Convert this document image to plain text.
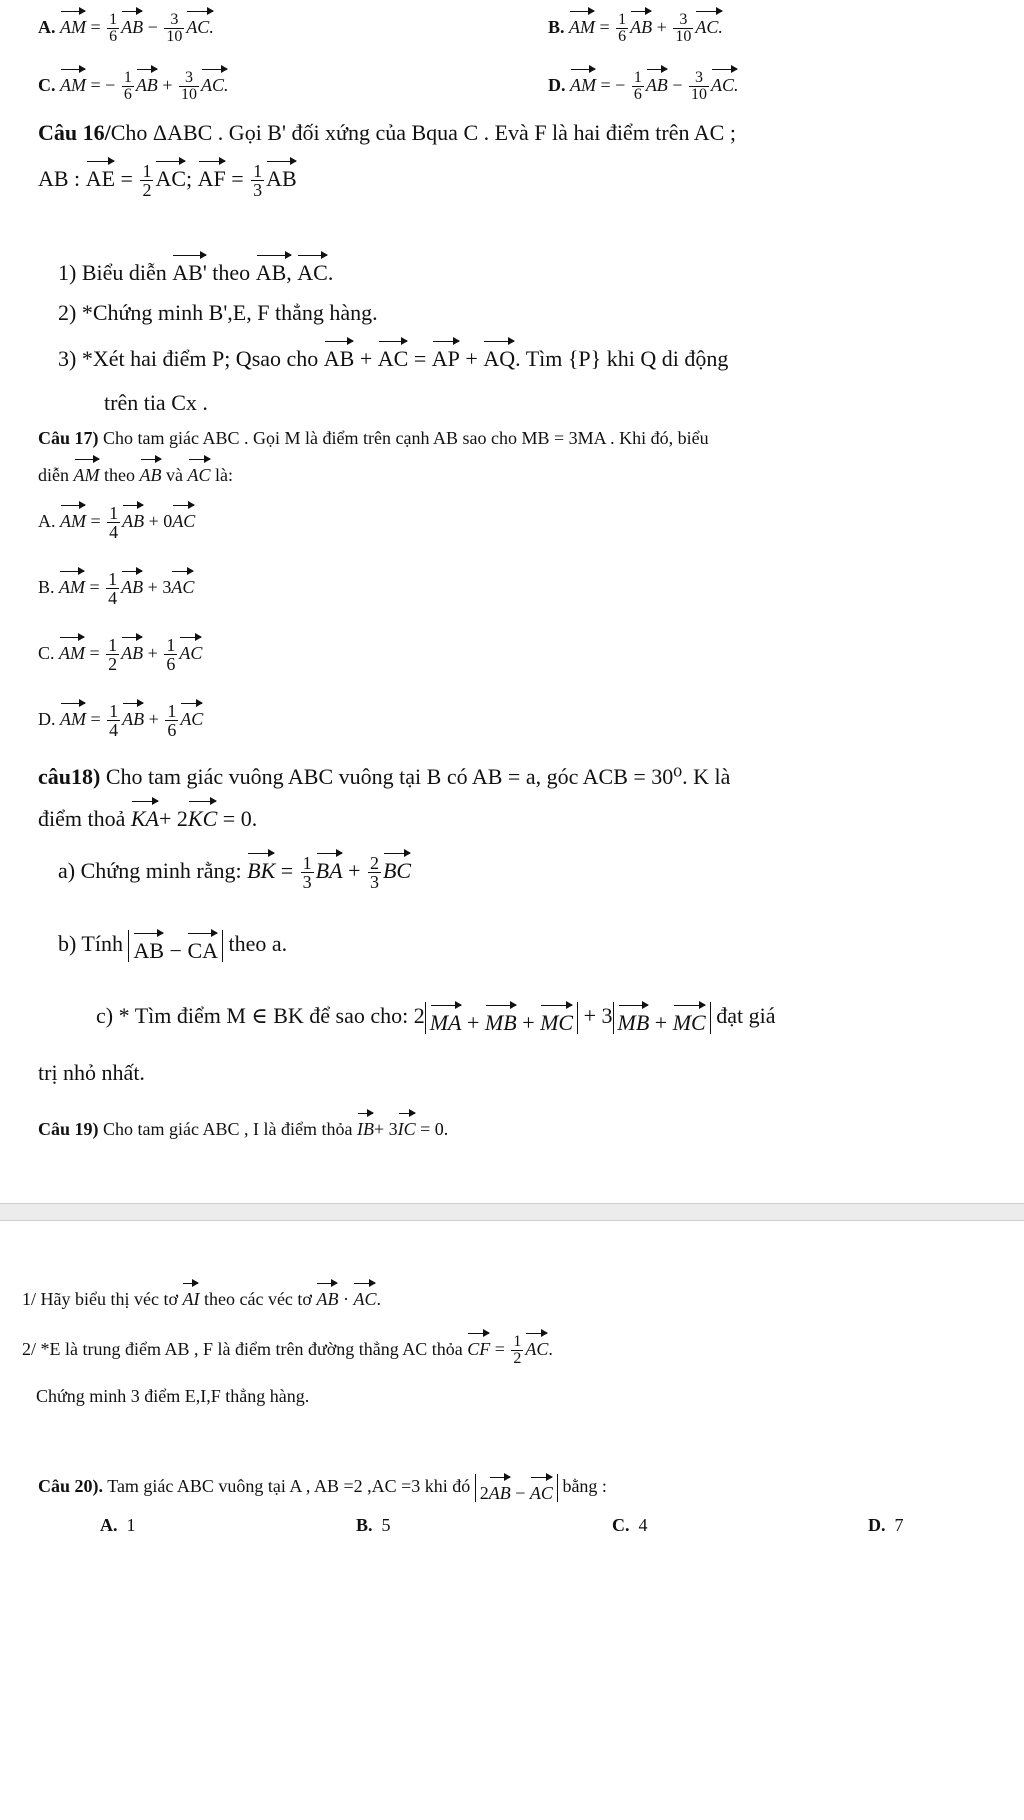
A. AM = $\frac{1}{6}$ AB − $\frac{3}{10}$ AC.	B. AM = $\frac{1}{6}$ AB + $\frac{3}{10}$ AC.
C. AM = − $\frac{1}{6}$ AB + $\frac{3}{10}$ AC.	D. AM = − $\frac{1}{6}$ AB − $\frac{3}{10}$ AC.
Câu 16/Cho ΔABC . Gọi B' đối xứng của Bqua C . Evà F là hai điểm trên AC ;
AB : AE = $\frac{1}{2}$ AC; AF = $\frac{1}{3}$ AB
1) Biểu diễn AB' theo AB, AC.
2) *Chứng minh B',E, F thẳng hàng.
3) *Xét hai điểm P; Qsao cho AB + AC = AP + AQ. Tìm {P} khi Q di động
trên tia Cx .
Câu 17) Cho tam giác ABC . Gọi M là điểm trên cạnh AB sao cho MB = 3MA . Khi đó, biểu
diễn AM theo AB và AC là:
A. AM = $\frac{1}{4}$ AB + 0AC
B. AM = $\frac{1}{4}$ AB + 3AC
C. AM = $\frac{1}{2}$ AB + $\frac{1}{6}$ AC
D. AM = $\frac{1}{4}$ AB + $\frac{1}{6}$ AC
câu18) Cho tam giác vuông ABC vuông tại B có AB = a, góc ACB = 30⁰. K là
điểm thoả KA+ 2KC = 0.
a) Chứng minh rằng: BK = $\frac{1}{3}$ BA + $\frac{2}{3}$ BC
b) Tính AB − CA theo a.
c) * Tìm điểm M ∈ BK để sao cho: 2 MA + MB + MC + 3 MB + MC đạt giá
trị nhỏ nhất.
Câu 19) Cho tam giác ABC , I là điểm thỏa IB+ 3IC = 0.
1/ Hãy biểu thị véc tơ AI theo các véc tơ AB · AC.
2/ *E là trung điểm AB , F là điểm trên đường thẳng AC thỏa CF = $\frac{1}{2}$ AC.
Chứng minh 3 điểm E,I,F thẳng hàng.
Câu 20). Tam giác ABC vuông tại A , AB =2 ,AC =3 khi đó 2AB − AC bằng :
A. 1	B. 5	C. 4	D. 7
